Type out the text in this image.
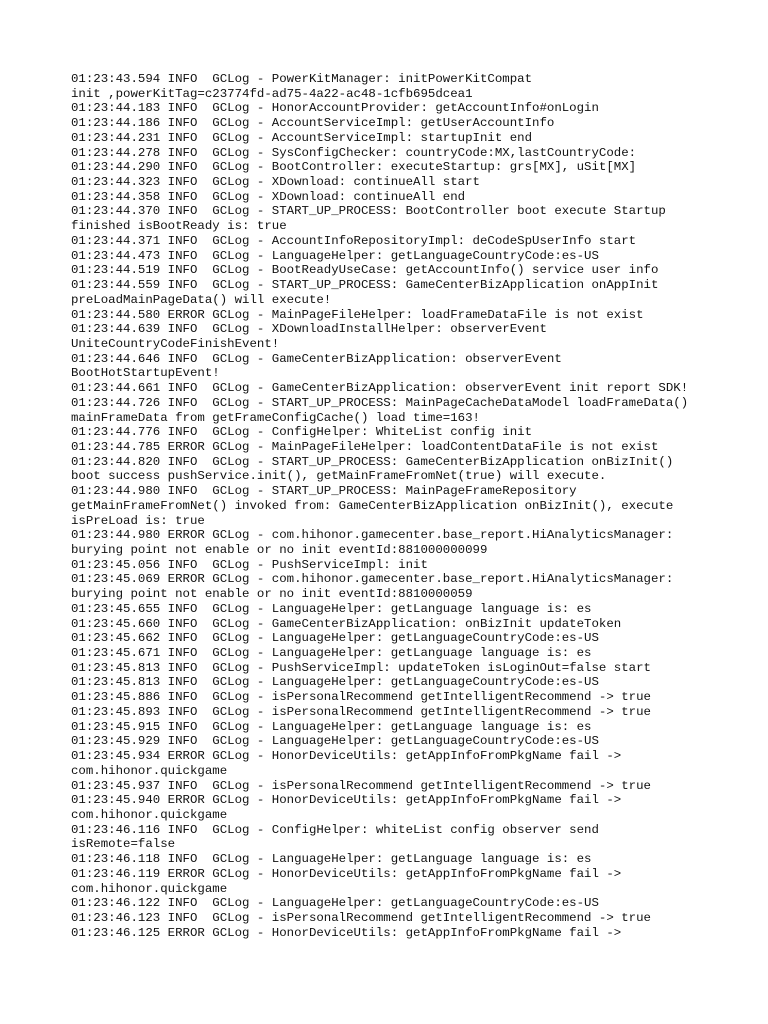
01:23:43.594 INFO  GCLog - PowerKitManager: initPowerKitCompat
init ,powerKitTag=c23774fd-ad75-4a22-ac48-1cfb695dcea1
01:23:44.183 INFO  GCLog - HonorAccountProvider: getAccountInfo#onLogin
01:23:44.186 INFO  GCLog - AccountServiceImpl: getUserAccountInfo
01:23:44.231 INFO  GCLog - AccountServiceImpl: startupInit end
01:23:44.278 INFO  GCLog - SysConfigChecker: countryCode:MX,lastCountryCode:
01:23:44.290 INFO  GCLog - BootController: executeStartup: grs[MX], uSit[MX]
01:23:44.323 INFO  GCLog - XDownload: continueAll start
01:23:44.358 INFO  GCLog - XDownload: continueAll end
01:23:44.370 INFO  GCLog - START_UP_PROCESS: BootController boot execute Startup
finished isBootReady is: true
01:23:44.371 INFO  GCLog - AccountInfoRepositoryImpl: deCodeSpUserInfo start
01:23:44.473 INFO  GCLog - LanguageHelper: getLanguageCountryCode:es-US
01:23:44.519 INFO  GCLog - BootReadyUseCase: getAccountInfo() service user info
01:23:44.559 INFO  GCLog - START_UP_PROCESS: GameCenterBizApplication onAppInit
preLoadMainPageData() will execute!
01:23:44.580 ERROR GCLog - MainPageFileHelper: loadFrameDataFile is not exist
01:23:44.639 INFO  GCLog - XDownloadInstallHelper: observerEvent
UniteCountryCodeFinishEvent!
01:23:44.646 INFO  GCLog - GameCenterBizApplication: observerEvent
BootHotStartupEvent!
01:23:44.661 INFO  GCLog - GameCenterBizApplication: observerEvent init report SDK!
01:23:44.726 INFO  GCLog - START_UP_PROCESS: MainPageCacheDataModel loadFrameData()
mainFrameData from getFrameConfigCache() load time=163!
01:23:44.776 INFO  GCLog - ConfigHelper: WhiteList config init
01:23:44.785 ERROR GCLog - MainPageFileHelper: loadContentDataFile is not exist
01:23:44.820 INFO  GCLog - START_UP_PROCESS: GameCenterBizApplication onBizInit()
boot success pushService.init(), getMainFrameFromNet(true) will execute.
01:23:44.980 INFO  GCLog - START_UP_PROCESS: MainPageFrameRepository
getMainFrameFromNet() invoked from: GameCenterBizApplication onBizInit(), execute
isPreLoad is: true
01:23:44.980 ERROR GCLog - com.hihonor.gamecenter.base_report.HiAnalyticsManager:
burying point not enable or no init eventId:881000000099
01:23:45.056 INFO  GCLog - PushServiceImpl: init
01:23:45.069 ERROR GCLog - com.hihonor.gamecenter.base_report.HiAnalyticsManager:
burying point not enable or no init eventId:8810000059
01:23:45.655 INFO  GCLog - LanguageHelper: getLanguage language is: es
01:23:45.660 INFO  GCLog - GameCenterBizApplication: onBizInit updateToken
01:23:45.662 INFO  GCLog - LanguageHelper: getLanguageCountryCode:es-US
01:23:45.671 INFO  GCLog - LanguageHelper: getLanguage language is: es
01:23:45.813 INFO  GCLog - PushServiceImpl: updateToken isLoginOut=false start
01:23:45.813 INFO  GCLog - LanguageHelper: getLanguageCountryCode:es-US
01:23:45.886 INFO  GCLog - isPersonalRecommend getIntelligentRecommend -> true
01:23:45.893 INFO  GCLog - isPersonalRecommend getIntelligentRecommend -> true
01:23:45.915 INFO  GCLog - LanguageHelper: getLanguage language is: es
01:23:45.929 INFO  GCLog - LanguageHelper: getLanguageCountryCode:es-US
01:23:45.934 ERROR GCLog - HonorDeviceUtils: getAppInfoFromPkgName fail ->
com.hihonor.quickgame
01:23:45.937 INFO  GCLog - isPersonalRecommend getIntelligentRecommend -> true
01:23:45.940 ERROR GCLog - HonorDeviceUtils: getAppInfoFromPkgName fail ->
com.hihonor.quickgame
01:23:46.116 INFO  GCLog - ConfigHelper: whiteList config observer send
isRemote=false
01:23:46.118 INFO  GCLog - LanguageHelper: getLanguage language is: es
01:23:46.119 ERROR GCLog - HonorDeviceUtils: getAppInfoFromPkgName fail ->
com.hihonor.quickgame
01:23:46.122 INFO  GCLog - LanguageHelper: getLanguageCountryCode:es-US
01:23:46.123 INFO  GCLog - isPersonalRecommend getIntelligentRecommend -> true
01:23:46.125 ERROR GCLog - HonorDeviceUtils: getAppInfoFromPkgName fail ->
